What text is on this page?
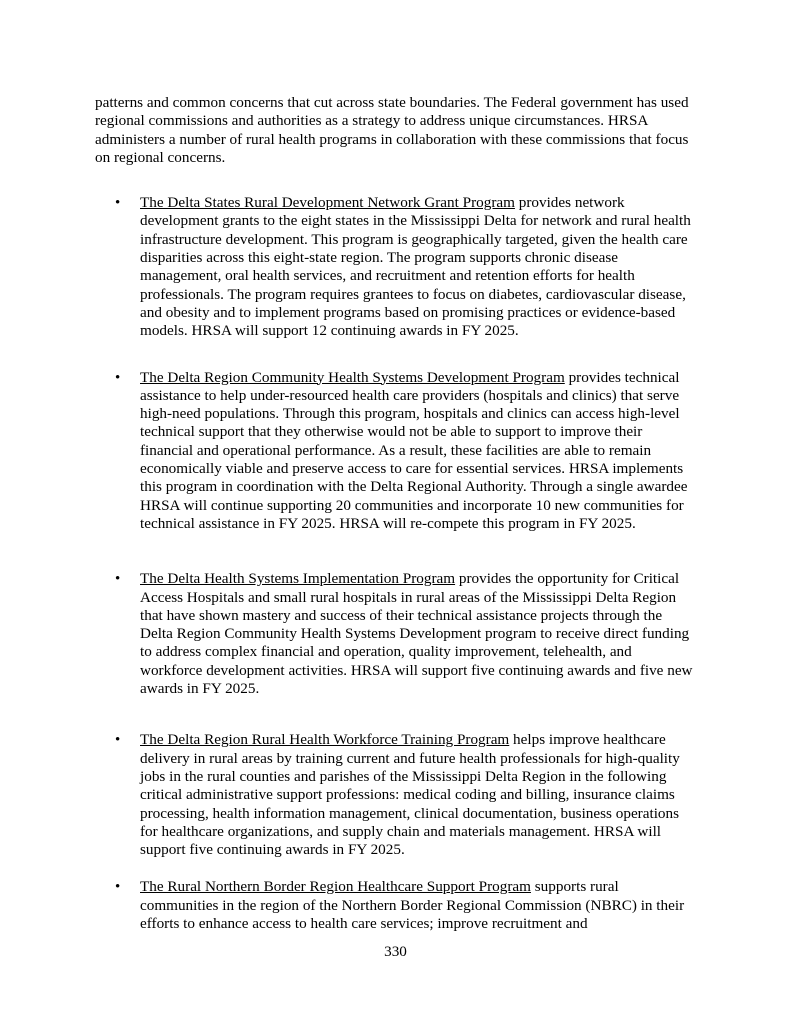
patterns and common concerns that cut across state boundaries. The Federal government has used regional commissions and authorities as a strategy to address unique circumstances. HRSA administers a number of rural health programs in collaboration with these commissions that focus on regional concerns.

• The Delta States Rural Development Network Grant Program provides network development grants to the eight states in the Mississippi Delta for network and rural health infrastructure development. This program is geographically targeted, given the health care disparities across this eight-state region. The program supports chronic disease management, oral health services, and recruitment and retention efforts for health professionals. The program requires grantees to focus on diabetes, cardiovascular disease, and obesity and to implement programs based on promising practices or evidence-based models. HRSA will support 12 continuing awards in FY 2025.
• The Delta Region Community Health Systems Development Program provides technical assistance to help under-resourced health care providers (hospitals and clinics) that serve high-need populations. Through this program, hospitals and clinics can access high-level technical support that they otherwise would not be able to support to improve their financial and operational performance. As a result, these facilities are able to remain economically viable and preserve access to care for essential services. HRSA implements this program in coordination with the Delta Regional Authority. Through a single awardee HRSA will continue supporting 20 communities and incorporate 10 new communities for technical assistance in FY 2025. HRSA will re-compete this program in FY 2025.
• The Delta Health Systems Implementation Program provides the opportunity for Critical Access Hospitals and small rural hospitals in rural areas of the Mississippi Delta Region that have shown mastery and success of their technical assistance projects through the Delta Region Community Health Systems Development program to receive direct funding to address complex financial and operation, quality improvement, telehealth, and workforce development activities. HRSA will support five continuing awards and five new awards in FY 2025.
• The Delta Region Rural Health Workforce Training Program helps improve healthcare delivery in rural areas by training current and future health professionals for high-quality jobs in the rural counties and parishes of the Mississippi Delta Region in the following critical administrative support professions: medical coding and billing, insurance claims processing, health information management, clinical documentation, business operations for healthcare organizations, and supply chain and materials management. HRSA will support five continuing awards in FY 2025.
• The Rural Northern Border Region Healthcare Support Program supports rural communities in the region of the Northern Border Regional Commission (NBRC) in their efforts to enhance access to health care services; improve recruitment and
330
